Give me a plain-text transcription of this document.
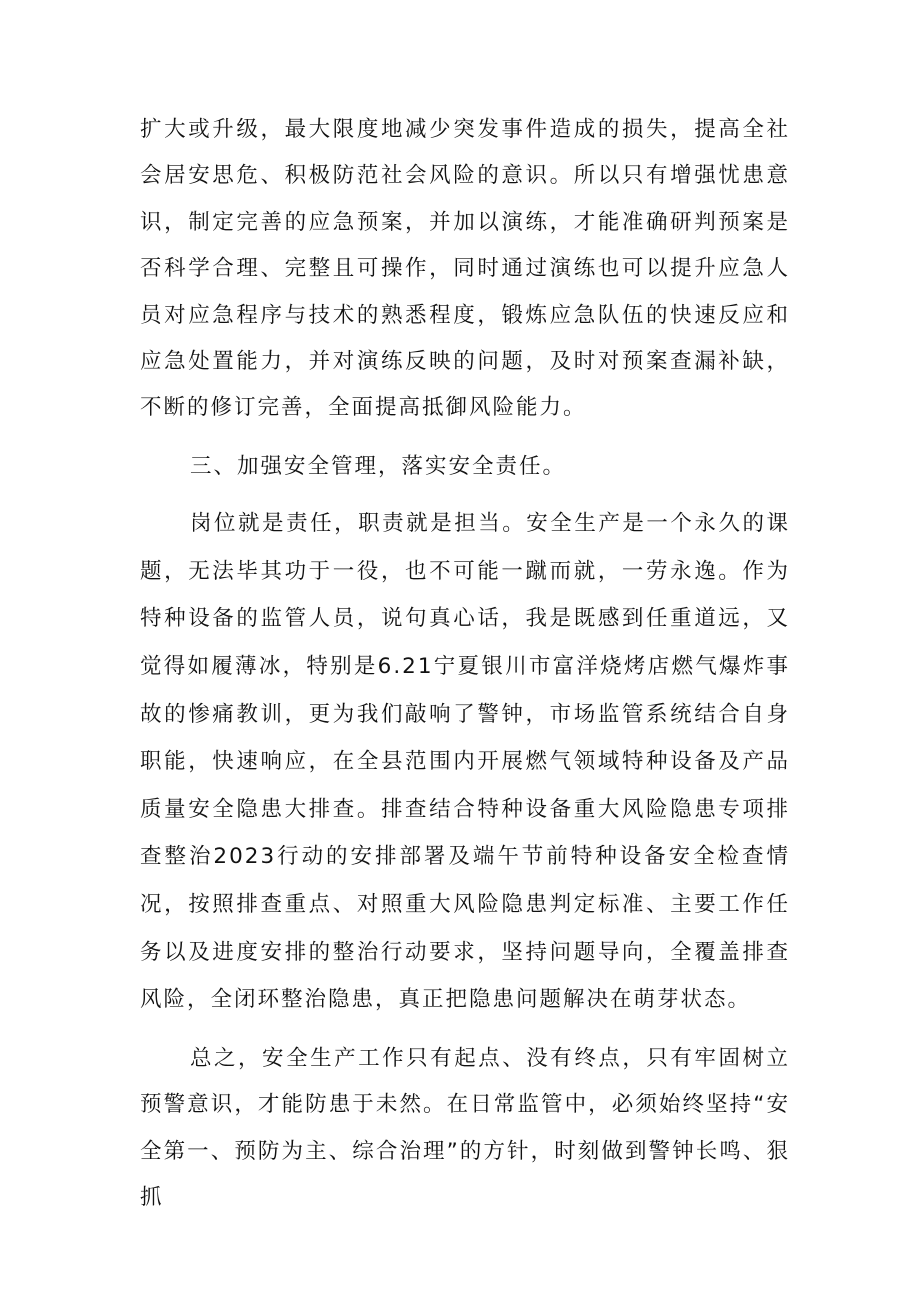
扩大或升级，最大限度地减少突发事件造成的损失，提高全社会居安思危、积极防范社会风险的意识。所以只有增强忧患意识，制定完善的应急预案，并加以演练，才能准确研判预案是否科学合理、完整且可操作，同时通过演练也可以提升应急人员对应急程序与技术的熟悉程度，锻炼应急队伍的快速反应和应急处置能力，并对演练反映的问题，及时对预案查漏补缺，不断的修订完善，全面提高抵御风险能力。

三、加强安全管理，落实安全责任。

岗位就是责任，职责就是担当。安全生产是一个永久的课题，无法毕其功于一役，也不可能一蹴而就，一劳永逸。作为特种设备的监管人员，说句真心话，我是既感到任重道远，又觉得如履薄冰，特别是6.21宁夏银川市富洋烧烤店燃气爆炸事故的惨痛教训，更为我们敲响了警钟，市场监管系统结合自身职能，快速响应，在全县范围内开展燃气领域特种设备及产品质量安全隐患大排查。排查结合特种设备重大风险隐患专项排查整治2023行动的安排部署及端午节前特种设备安全检查情况，按照排查重点、对照重大风险隐患判定标准、主要工作任务以及进度安排的整治行动要求，坚持问题导向，全覆盖排查风险，全闭环整治隐患，真正把隐患问题解决在萌芽状态。

总之，安全生产工作只有起点、没有终点，只有牢固树立预警意识，才能防患于未然。在日常监管中，必须始终坚持“安全第一、预防为主、综合治理”的方针，时刻做到警钟长鸣、狠抓
